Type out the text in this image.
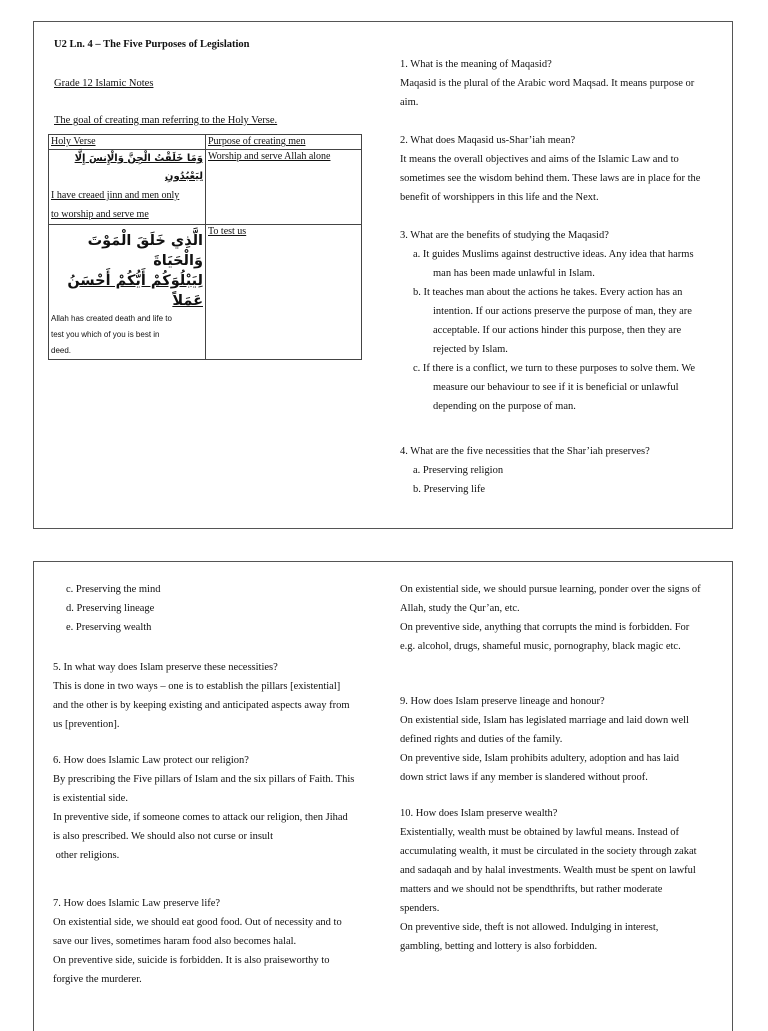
U2 Ln. 4 – The Five Purposes of Legislation
Grade 12 Islamic Notes
The goal of creating man referring to the Holy Verse.
Holy Verse	Purpose of creating men

وَمَا خَلَقْتُ الْجِنَّ وَالْإِنسَ إِلَّا لِيَعْبُدُونِ
I have creaed jinn and men only
to worship and serve me	Worship and serve Allah alone

الَّذِي خَلَقَ الْمَوْتَ وَالْحَيَاةَ
لِيَبْلُوَكُمْ أَيُّكُمْ أَحْسَنُ عَمَلاً
Allah has created death and life to
test you which of you is best in
deed.	To test us
1. What is the meaning of Maqasid?
Maqasid is the plural of the Arabic word Maqsad. It means purpose or
aim.
2. What does Maqasid us-Shar’iah mean?
It means the overall objectives and aims of the Islamic Law and to
sometimes see the wisdom behind them. These laws are in place for the
benefit of worshippers in this life and the Next.
3. What are the benefits of studying the Maqasid?
a. It guides Muslims against destructive ideas. Any idea that harms
man has been made unlawful in Islam.
b. It teaches man about the actions he takes. Every action has an
intention. If our actions preserve the purpose of man, they are
acceptable. If our actions hinder this purpose, then they are
rejected by Islam.
c. If there is a conflict, we turn to these purposes to solve them. We
measure our behaviour to see if it is beneficial or unlawful
depending on the purpose of man.
4. What are the five necessities that the Shar’iah preserves?
a. Preserving religion
b. Preserving life
c. Preserving the mind
d. Preserving lineage
e. Preserving wealth
5. In what way does Islam preserve these necessities?
This is done in two ways – one is to establish the pillars [existential]
and the other is by keeping existing and anticipated aspects away from
us [prevention].
6. How does Islamic Law protect our religion?
By prescribing the Five pillars of Islam and the six pillars of Faith. This
is existential side.
In preventive side, if someone comes to attack our religion, then Jihad
is also prescribed. We should also not curse or insult
other religions.
7. How does Islamic Law preserve life?
On existential side, we should eat good food. Out of necessity and to
save our lives, sometimes haram food also becomes halal.
On preventive side, suicide is forbidden. It is also praiseworthy to
forgive the murderer.
On existential side, we should pursue learning, ponder over the signs of
Allah, study the Qur’an, etc.
On preventive side, anything that corrupts the mind is forbidden. For
e.g. alcohol, drugs, shameful music, pornography, black magic etc.
9. How does Islam preserve lineage and honour?
On existential side, Islam has legislated marriage and laid down well
defined rights and duties of the family.
On preventive side, Islam prohibits adultery, adoption and has laid
down strict laws if any member is slandered without proof.
10. How does Islam preserve wealth?
Existentially, wealth must be obtained by lawful means. Instead of
accumulating wealth, it must be circulated in the society through zakat
and sadaqah and by halal investments. Wealth must be spent on lawful
matters and we should not be spendthrifts, but rather moderate
spenders.
On preventive side, theft is not allowed. Indulging in interest,
gambling, betting and lottery is also forbidden.
